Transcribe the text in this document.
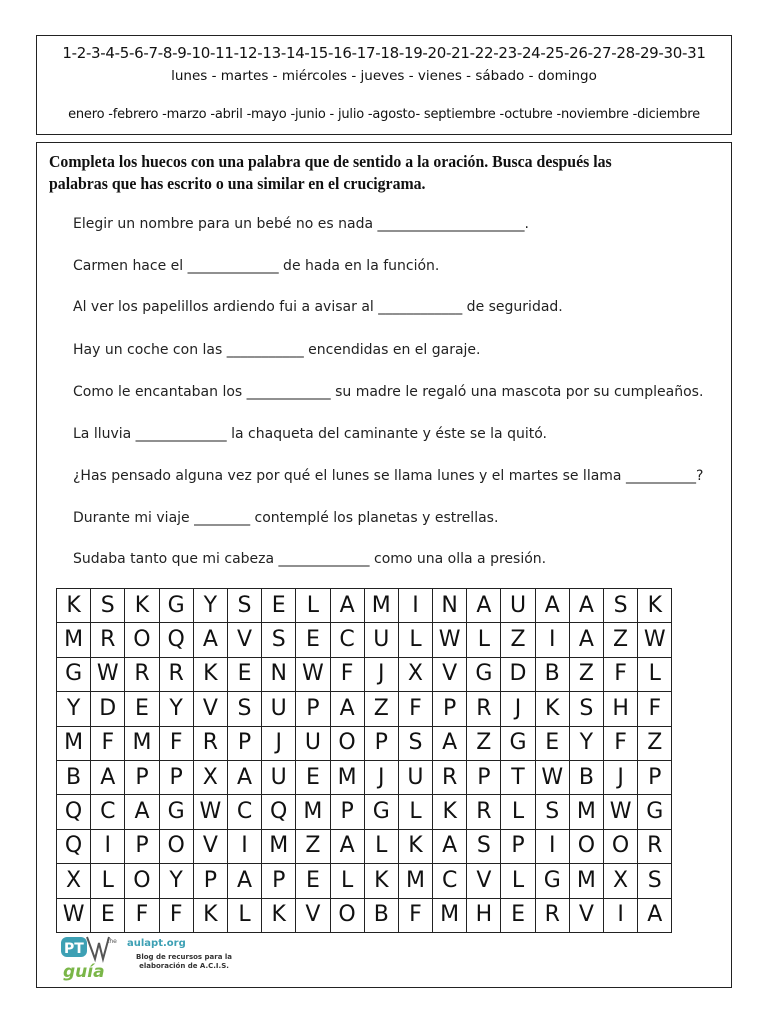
1-2-3-4-5-6-7-8-9-10-11-12-13-14-15-16-17-18-19-20-21-22-23-24-25-26-27-28-29-30-31
lunes - martes - miércoles - jueves - vienes - sábado - domingo
enero -febrero -marzo -abril -mayo -junio - julio -agosto- septiembre -octubre -noviembre -diciembre
Completa los huecos con una palabra que de sentido a la oración. Busca después las palabras que has escrito o una similar en el crucigrama.
Elegir un nombre para un bebé no es nada _____________________.
Carmen hace el _____________ de hada en la función.
Al ver los papelillos ardiendo fui a avisar al ____________ de seguridad.
Hay un coche con las ___________ encendidas en el garaje.
Como le encantaban los ____________ su madre le regaló una mascota por su cumpleaños.
La lluvia _____________ la chaqueta del caminante y éste se la quitó.
¿Has pensado alguna vez por qué el lunes se llama lunes y el martes se llama __________?
Durante mi viaje ________ contemplé los planetas y estrellas.
Sudaba tanto que mi cabeza _____________ como una olla a presión.
K	S	K	G	Y	S	E	L	A	M	I	N	A	U	A	A	S	K
M	R	O	Q	A	V	S	E	C	U	L	W	L	Z	I	A	Z	W
G	W	R	R	K	E	N	W	F	J	X	V	G	D	B	Z	F	L
Y	D	E	Y	V	S	U	P	A	Z	F	P	R	J	K	S	H	F
M	F	M	F	R	P	J	U	O	P	S	A	Z	G	E	Y	F	Z
B	A	P	P	X	A	U	E	M	J	U	R	P	T	W	B	J	P
Q	C	A	G	W	C	Q	M	P	G	L	K	R	L	S	M	W	G
Q	I	P	O	V	I	M	Z	A	L	K	A	S	P	I	O	O	R
X	L	O	Y	P	A	P	E	L	K	M	C	V	L	G	M	X	S
W	E	F	F	K	L	K	V	O	B	F	M	H	E	R	V	I	A
PT	the
guía
aulapt.org
Blog de recursos para la elaboración de A.C.I.S.
